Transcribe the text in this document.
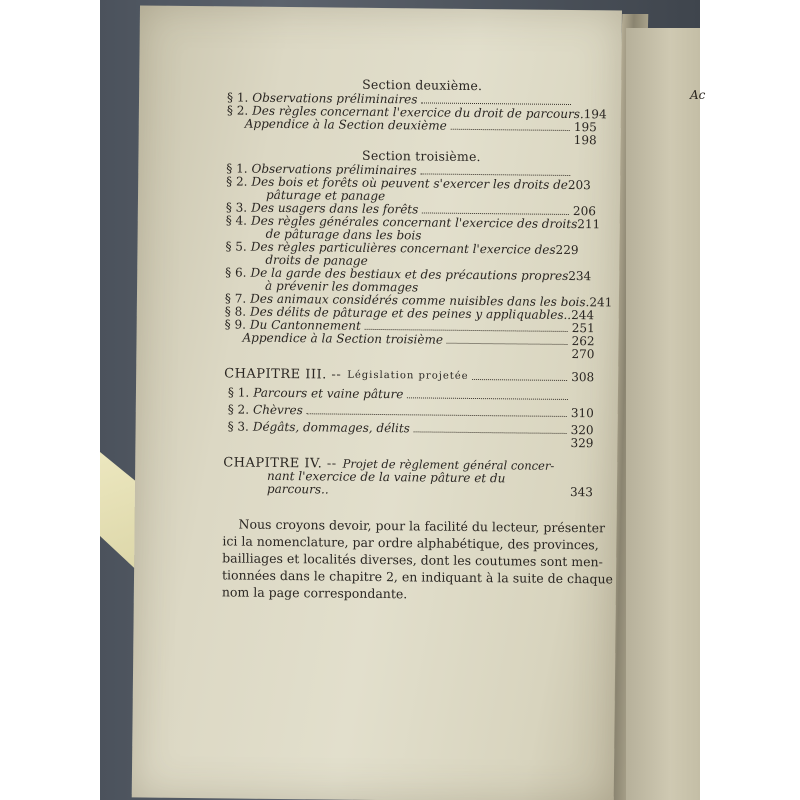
Ac
Section deuxième.
§ 1. Observations préliminaires
§ 2. Des règles concernant l'exercice du droit de parcours. 194
Appendice à la Section deuxième	195
198
Section troisième.
§ 1. Observations préliminaires
§ 2. Des bois et forêts où peuvent s'exercer les droits de 203
pâturage et panage
§ 3. Des usagers dans les forêts	206
§ 4. Des règles générales concernant l'exercice des droits 211
de pâturage dans les bois
§ 5. Des règles particulières concernant l'exercice des 229
droits de panage
§ 6. De la garde des bestiaux et des précautions propres 234
à prévenir les dommages
§ 7. Des animaux considérés comme nuisibles dans les bois. 241
§ 8. Des délits de pâturage et des peines y appliquables.. 244
§ 9. Du Cantonnement	251
Appendice à la Section troisième	262
270
CHAPITRE III. -- Législation projetée	308
§ 1. Parcours et vaine pâture
§ 2. Chèvres	310
§ 3. Dégâts, dommages, délits	320
329
CHAPITRE IV. -- Projet de règlement général concer-
nant l'exercice de la vaine pâture et du parcours..	343
Nous croyons devoir, pour la facilité du lecteur, présenter
ici la nomenclature, par ordre alphabétique, des provinces,
bailliages et localités diverses, dont les coutumes sont men-
tionnées dans le chapitre 2, en indiquant à la suite de chaque
nom la page correspondante.
